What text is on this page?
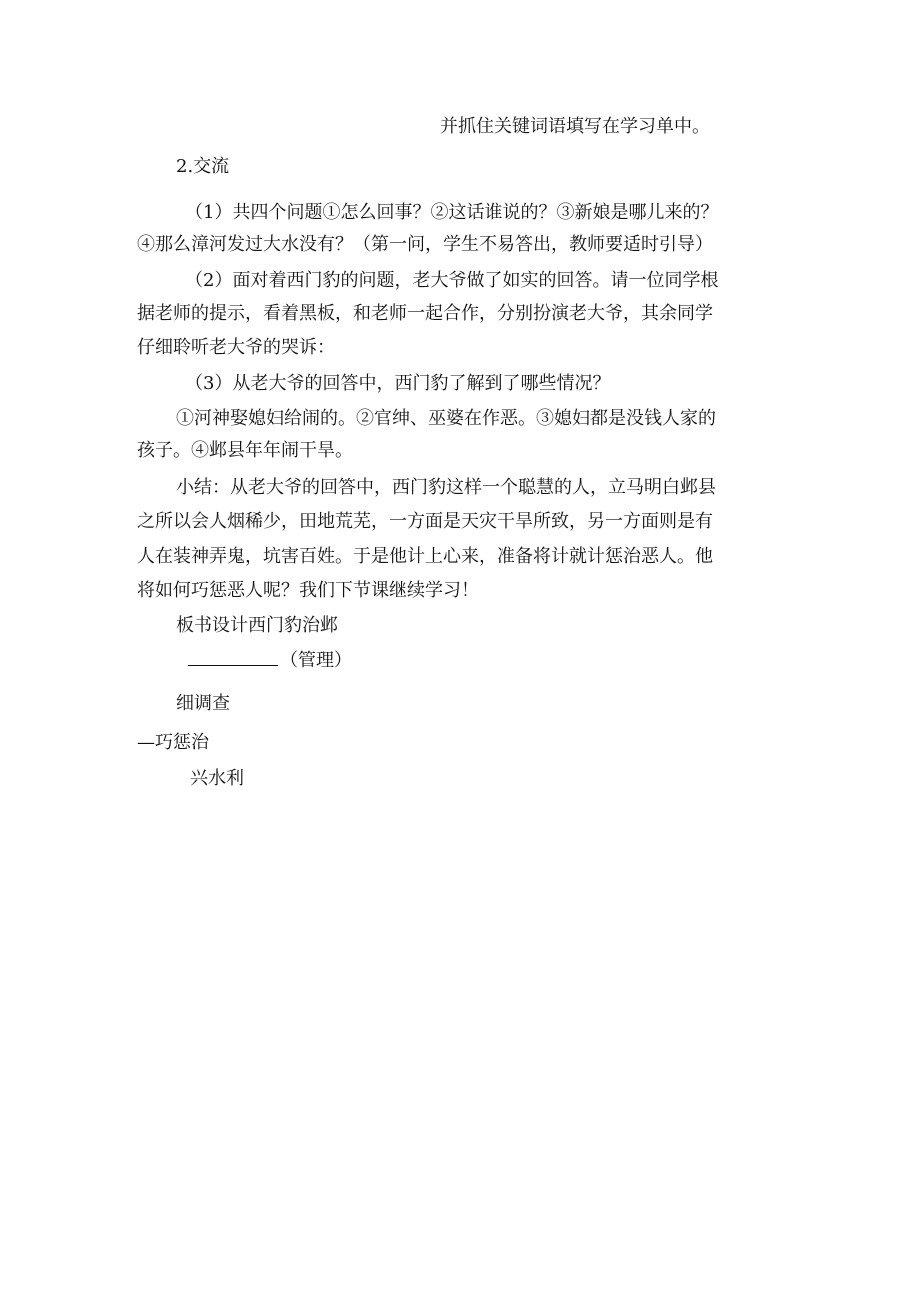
并抓住关键词语填写在学习单中。

2.交流

（1）共四个问题①怎么回事？②这话谁说的？③新娘是哪儿来的？

④那么漳河发过大水没有？（第一问，学生不易答出，教师要适时引导）

（2）面对着西门豹的问题，老大爷做了如实的回答。请一位同学根

据老师的提示，看着黑板，和老师一起合作，分别扮演老大爷，其余同学

仔细聆听老大爷的哭诉：

（3）从老大爷的回答中，西门豹了解到了哪些情况？

①河神娶媳妇给闹的。②官绅、巫婆在作恶。③媳妇都是没钱人家的

孩子。④邺县年年闹干旱。

小结：从老大爷的回答中，西门豹这样一个聪慧的人，立马明白邺县

之所以会人烟稀少，田地荒芜，一方面是天灾干旱所致，另一方面则是有

人在装神弄鬼，坑害百姓。于是他计上心来，准备将计就计惩治恶人。他

将如何巧惩恶人呢？我们下节课继续学习！

板书设计西门豹治邺

（管理）

细调查

—巧惩治

兴水利
